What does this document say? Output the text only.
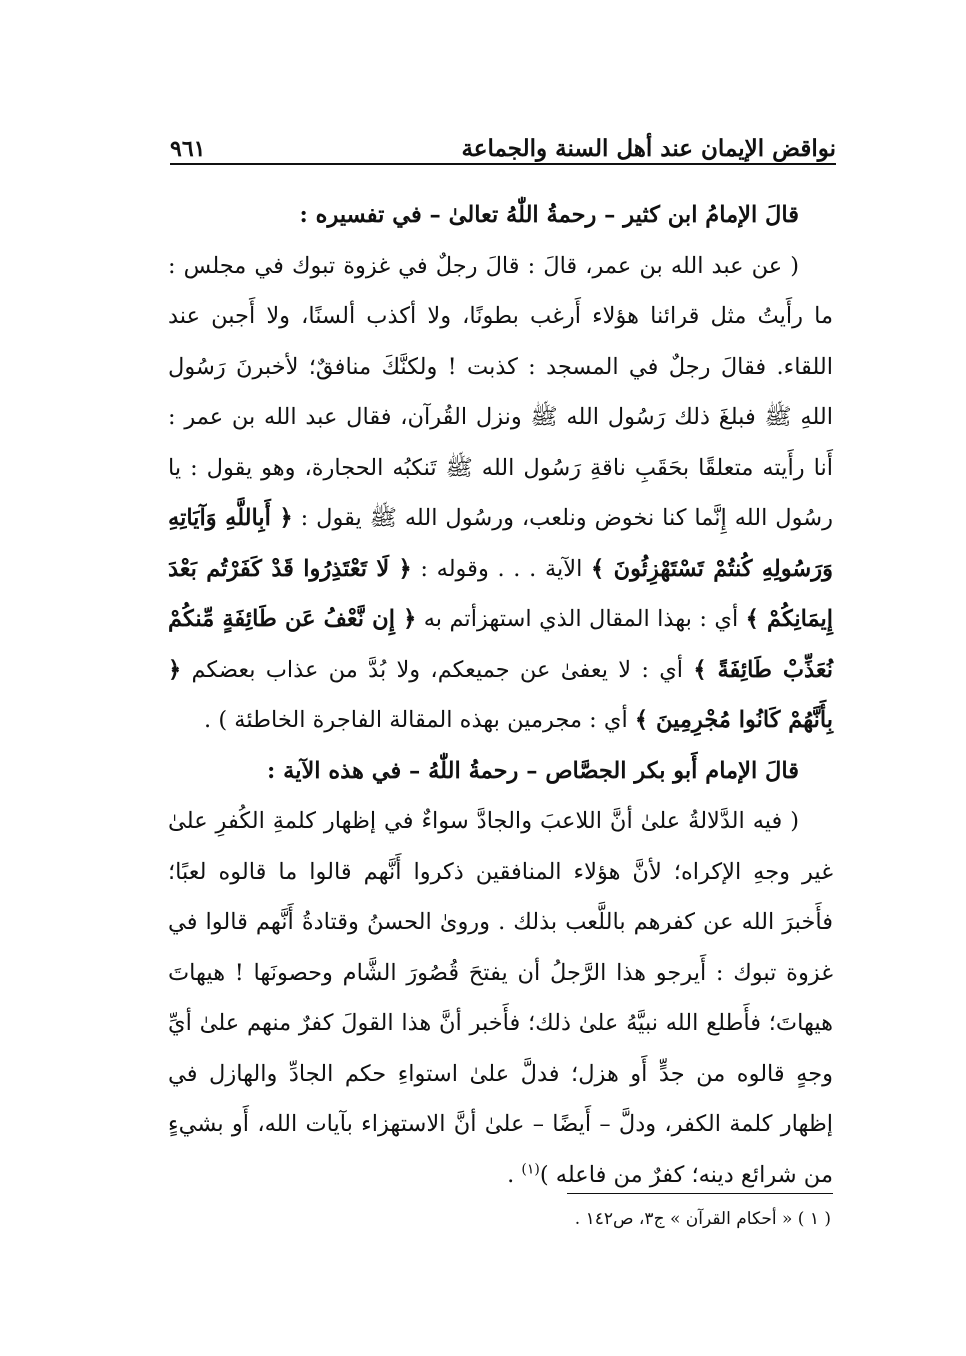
نواقض الإيمان عند أهل السنة والجماعة
٩٦١

قالَ الإمامُ ابن كثير – رحمةُ اللّٰهُ تعالىٰ – في تفسيره :

( عن عبد الله بن عمر، قالَ : قالَ رجلٌ في غزوة تبوك في مجلس : ما رأَيتُ مثل قرائنا هؤلاء أَرغب بطونًا، ولا أكذب ألسنًا، ولا أَجبن عند اللقاء. فقالَ رجلٌ في المسجد : كذبت ! ولكنَّكَ منافقٌ؛ لأخبرنَ رَسُول اللهِ ﷺ فبلغَ ذلك رَسُول الله ﷺ ونزل القُرآن، فقال عبد الله بن عمر : أَنا رأَيته متعلقًا بحَقَبِ ناقةِ رَسُول الله ﷺ تَنكبُه الحجارة، وهو يقول : يا رسُول الله إِنَّما كنا نخوض ونلعب، ورسُول الله ﷺ يقول : ﴿ أَبِاللَّهِ وَآيَاتِهِ وَرَسُولِهِ كُنتُمْ تَسْتَهْزِئُونَ ﴾ الآية . . . وقوله : ﴿ لَا تَعْتَذِرُوا قَدْ كَفَرْتُم بَعْدَ إِيمَانِكُمْ ﴾ أي : بهذا المقال الذي استهزأتم به ﴿ إِن نَّعْفُ عَن طَائِفَةٍ مِّنكُمْ نُعَذِّبْ طَائِفَةً ﴾ أي : لا يعفىٰ عن جميعكم، ولا بُدَّ من عذاب بعضكم ﴿ بِأَنَّهُمْ كَانُوا مُجْرِمِينَ ﴾ أي : مجرمين بهذه المقالة الفاجرة الخاطئة ) .

قالَ الإمام أَبو بكر الجصَّاص – رحمةُ اللّٰهُ – في هذه الآية :

( فيه الدَّلالةُ علىٰ أنَّ اللاعبَ والجادَّ سواءٌ في إظهار كلمةِ الكُفرِ علىٰ غير وجهِ الإكراه؛ لأنَّ هؤلاء المنافقين ذكروا أَنَّهم قالوا ما قالوه لعبًا؛ فأَخبرَ الله عن كفرهم باللَّعب بذلك . وروىٰ الحسنُ وقتادةُ أَنَّهم قالوا في غزوة تبوك : أَيرجو هذا الرَّجلُ أن يفتحَ قُصُورَ الشَّام وحصونَها ! هيهاتَ هيهاتَ؛ فأَطلع الله نبيَّهُ علىٰ ذلك؛ فأَخبر أنَّ هذا القولَ كفرٌ منهم علىٰ أيِّ وجهٍ قالوه من جدٍّ أَو هزل؛ فدلَّ علىٰ استواءِ حكم الجادِّ والهازل في إظهار كلمة الكفر، ودلَّ – أَيضًا – علىٰ أنَّ الاستهزاء بآيات الله، أَو بشيءٍ من شرائع دينه؛ كفرٌ من فاعله )$^{(١)}$ .

( ١ ) « أحكام القرآن » ج٣، ص١٤٢ .
